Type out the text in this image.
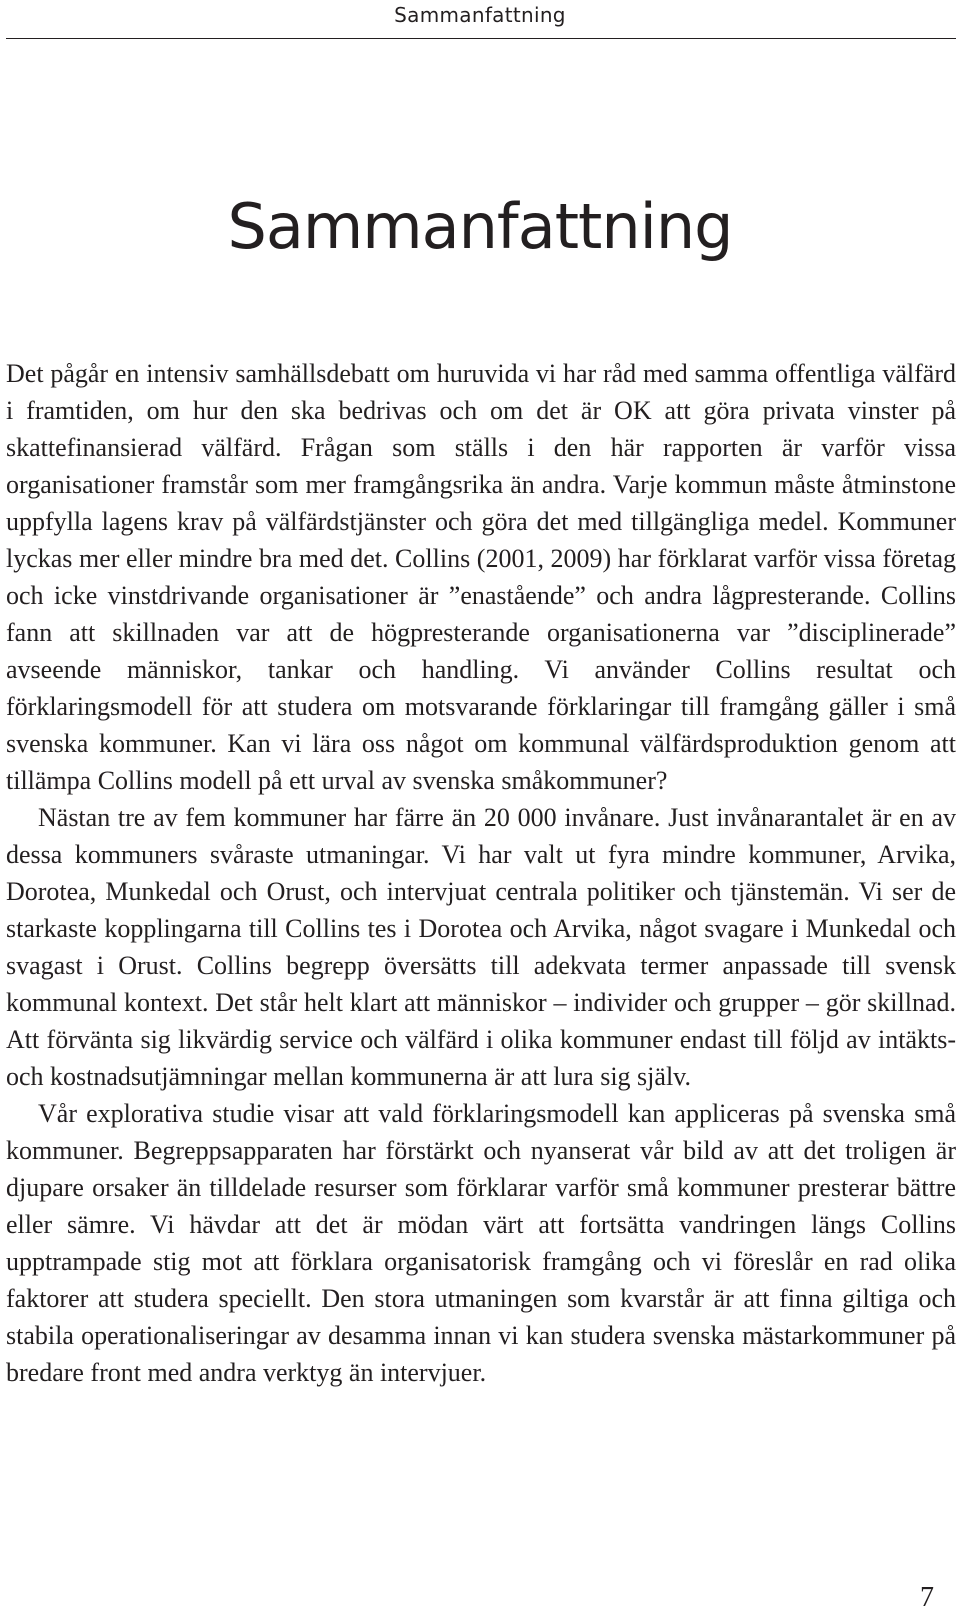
Sammanfattning
Sammanfattning

Det pågår en intensiv samhällsdebatt om huruvida vi har råd med samma offentliga välfärd i framtiden, om hur den ska bedrivas och om det är OK att göra privata vinster på skattefinansierad välfärd. Frågan som ställs i den här rapporten är varför vissa organisationer framstår som mer framgångsrika än andra. Varje kommun måste åtminstone uppfylla lagens krav på välfärdstjänster och göra det med tillgängliga medel. Kommuner lyckas mer eller mindre bra med det. Collins (2001, 2009) har förklarat varför vissa företag och icke vinstdrivande organisationer är ”enastående” och andra lågpresterande. Collins fann att skillnaden var att de högpresterande organisationerna var ”disciplinerade” avseende människor, tankar och handling. Vi använder Collins resultat och förklaringsmodell för att studera om motsvarande förklaringar till framgång gäller i små svenska kommuner. Kan vi lära oss något om kommunal välfärdsproduktion genom att tillämpa Collins modell på ett urval av svenska småkommuner?

Nästan tre av fem kommuner har färre än 20 000 invånare. Just invånarantalet är en av dessa kommuners svåraste utmaningar. Vi har valt ut fyra mindre kommuner, Arvika, Dorotea, Munkedal och Orust, och intervjuat centrala politiker och tjänstemän. Vi ser de starkaste kopplingarna till Collins tes i Dorotea och Arvika, något svagare i Munkedal och svagast i Orust. Collins begrepp översätts till adekvata termer anpassade till svensk kommunal kontext. Det står helt klart att människor – individer och grupper – gör skillnad. Att förvänta sig likvärdig service och välfärd i olika kommuner endast till följd av intäkts- och kostnadsutjämningar mellan kommunerna är att lura sig själv.

Vår explorativa studie visar att vald förklaringsmodell kan appliceras på svenska små kommuner. Begreppsapparaten har förstärkt och nyanserat vår bild av att det troligen är djupare orsaker än tilldelade resurser som förklarar varför små kommuner presterar bättre eller sämre. Vi hävdar att det är mödan värt att fortsätta vandringen längs Collins upptrampade stig mot att förklara organisatorisk framgång och vi föreslår en rad olika faktorer att studera speciellt. Den stora utmaningen som kvarstår är att finna giltiga och stabila operationaliseringar av desamma innan vi kan studera svenska mästarkommuner på bredare front med andra verktyg än intervjuer.

7
